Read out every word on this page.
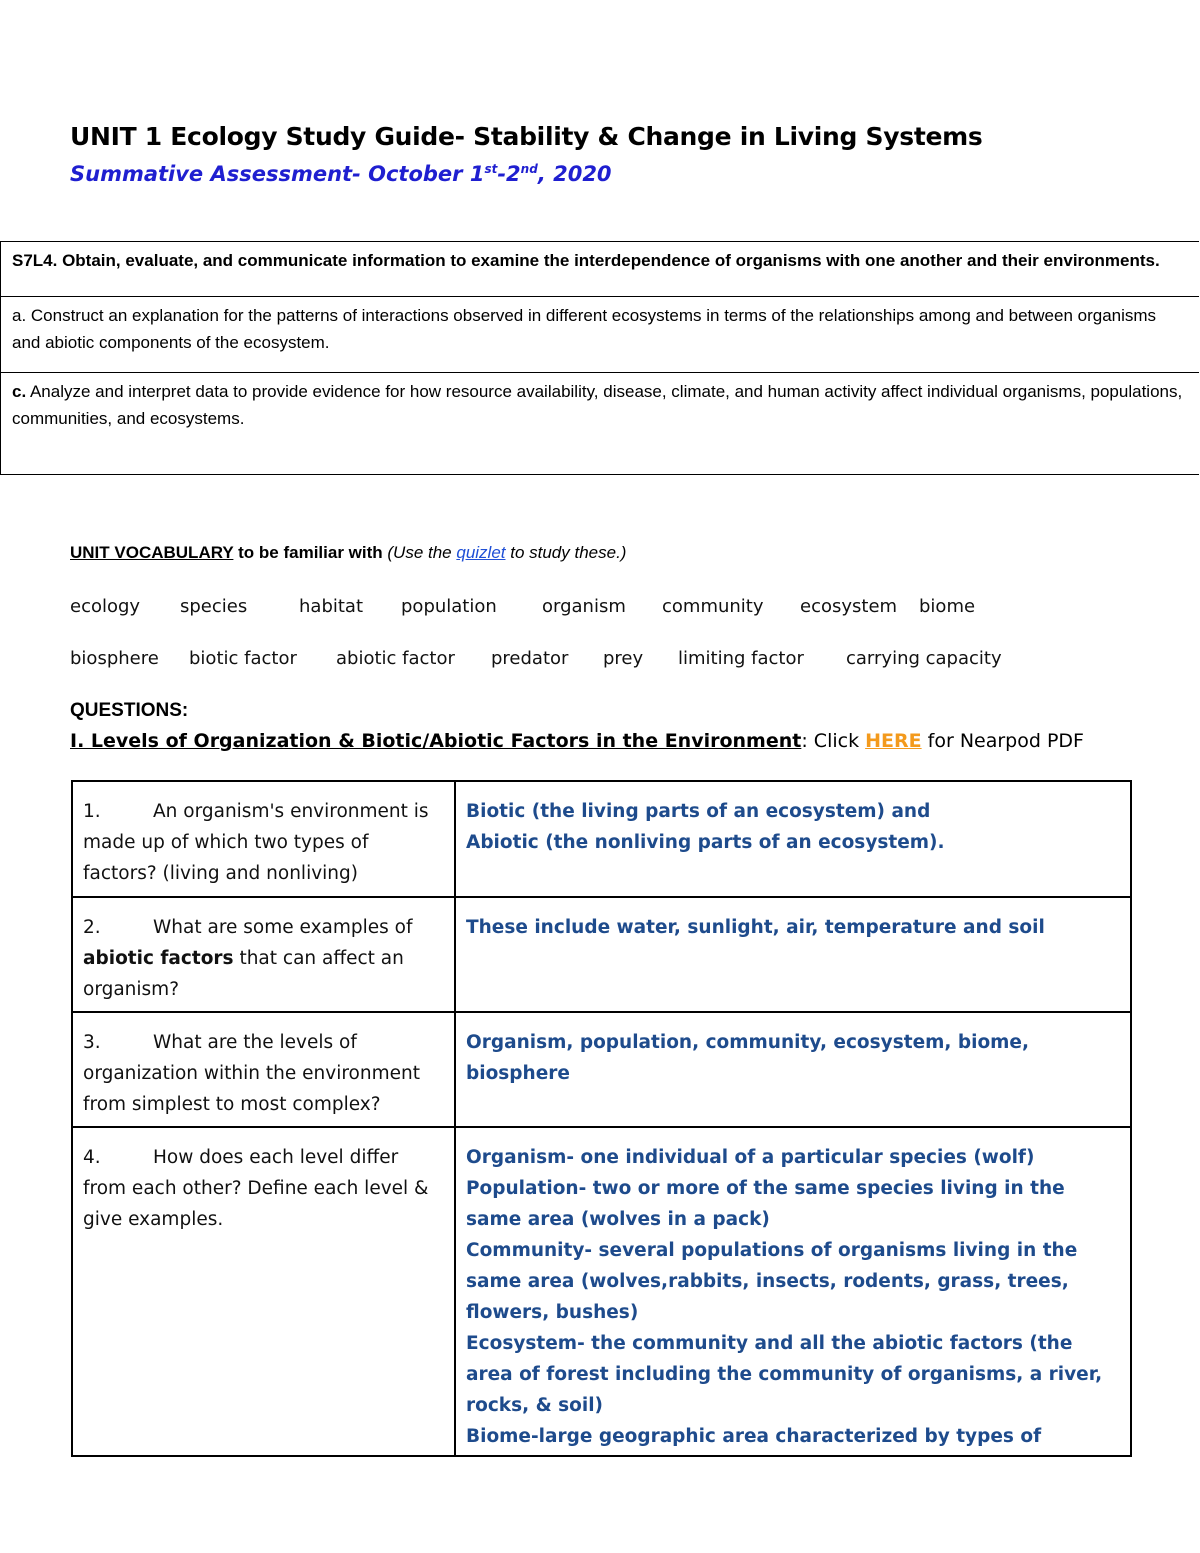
UNIT 1 Ecology Study Guide- Stability & Change in Living Systems
Summative Assessment- October 1st-2nd, 2020
S7L4. Obtain, evaluate, and communicate information to examine the interdependence of organisms with one another and their environments.
a. Construct an explanation for the patterns of interactions observed in different ecosystems in terms of the relationships among and between organisms and abiotic components of the ecosystem.
c. Analyze and interpret data to provide evidence for how resource availability, disease, climate, and human activity affect individual organisms, populations, communities, and ecosystems.
UNIT VOCABULARY to be familiar with (Use the quizlet to study these.)
ecology species	habitat population	organism community ecosystem biome
biosphere biotic factor abiotic factor predator prey limiting factor carrying capacity
QUESTIONS:
I. Levels of Organization & Biotic/Abiotic Factors in the Environment: Click HERE for Nearpod PDF
1.	An organism's environment is made up of which two types of factors? (living and nonliving)
Biotic (the living parts of an ecosystem) and
Abiotic (the nonliving parts of an ecosystem).
2.	What are some examples of abiotic factors that can affect an organism?
These include water, sunlight, air, temperature and soil
3.	What are the levels of organization within the environment from simplest to most complex?
Organism, population, community, ecosystem, biome, biosphere
4.	How does each level differ from each other? Define each level & give examples.
Organism- one individual of a particular species (wolf)
Population- two or more of the same species living in the same area (wolves in a pack)
Community- several populations of organisms living in the same area (wolves,rabbits, insects, rodents, grass, trees, flowers, bushes)
Ecosystem- the community and all the abiotic factors (the area of forest including the community of organisms, a river, rocks, & soil)
Biome-large geographic area characterized by types of
